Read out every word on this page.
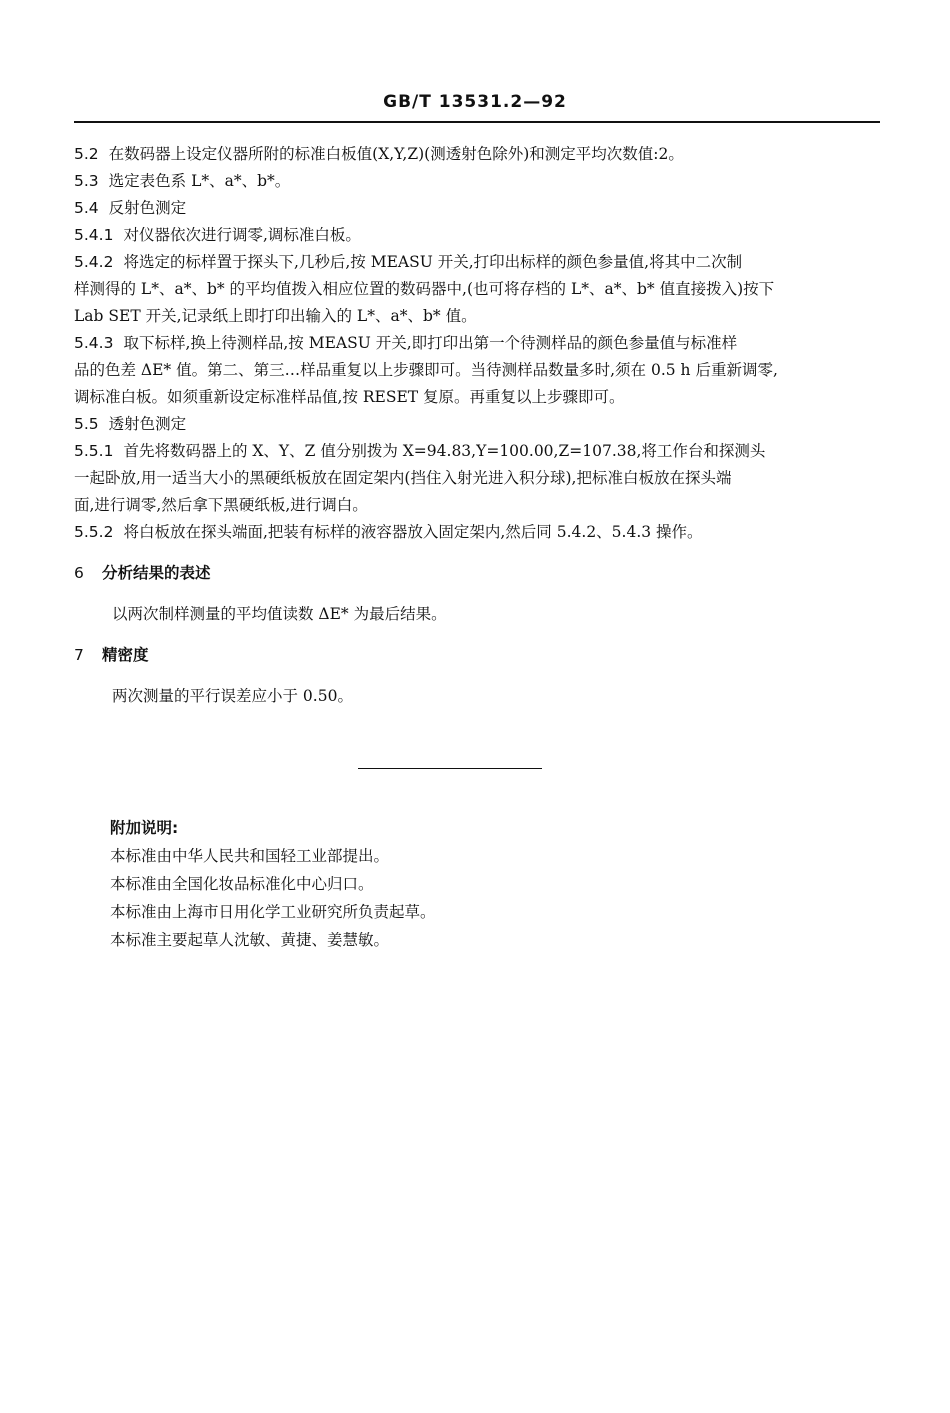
GB/T 13531.2—92

5.2 在数码器上设定仪器所附的标准白板值(X,Y,Z)(测透射色除外)和测定平均次数值:2。

5.3 选定表色系 L*、a*、b*。

5.4 反射色测定

5.4.1 对仪器依次进行调零,调标准白板。

5.4.2 将选定的标样置于探头下,几秒后,按 MEASU 开关,打印出标样的颜色参量值,将其中二次制

样测得的 L*、a*、b* 的平均值拨入相应位置的数码器中,(也可将存档的 L*、a*、b* 值直接拨入)按下

Lab SET 开关,记录纸上即打印出输入的 L*、a*、b* 值。

5.4.3 取下标样,换上待测样品,按 MEASU 开关,即打印出第一个待测样品的颜色参量值与标准样

品的色差 ΔE* 值。第二、第三…样品重复以上步骤即可。当待测样品数量多时,须在 0.5 h 后重新调零,

调标准白板。如须重新设定标准样品值,按 RESET 复原。再重复以上步骤即可。

5.5 透射色测定

5.5.1 首先将数码器上的 X、Y、Z 值分别拨为 X=94.83,Y=100.00,Z=107.38,将工作台和探测头

一起卧放,用一适当大小的黑硬纸板放在固定架内(挡住入射光进入积分球),把标准白板放在探头端

面,进行调零,然后拿下黑硬纸板,进行调白。

5.5.2 将白板放在探头端面,把装有标样的液容器放入固定架内,然后同 5.4.2、5.4.3 操作。

6 分析结果的表述

以两次制样测量的平均值读数 ΔE* 为最后结果。

7 精密度

两次测量的平行误差应小于 0.50。

附加说明:

本标准由中华人民共和国轻工业部提出。

本标准由全国化妆品标准化中心归口。

本标准由上海市日用化学工业研究所负责起草。

本标准主要起草人沈敏、黄捷、姜慧敏。
